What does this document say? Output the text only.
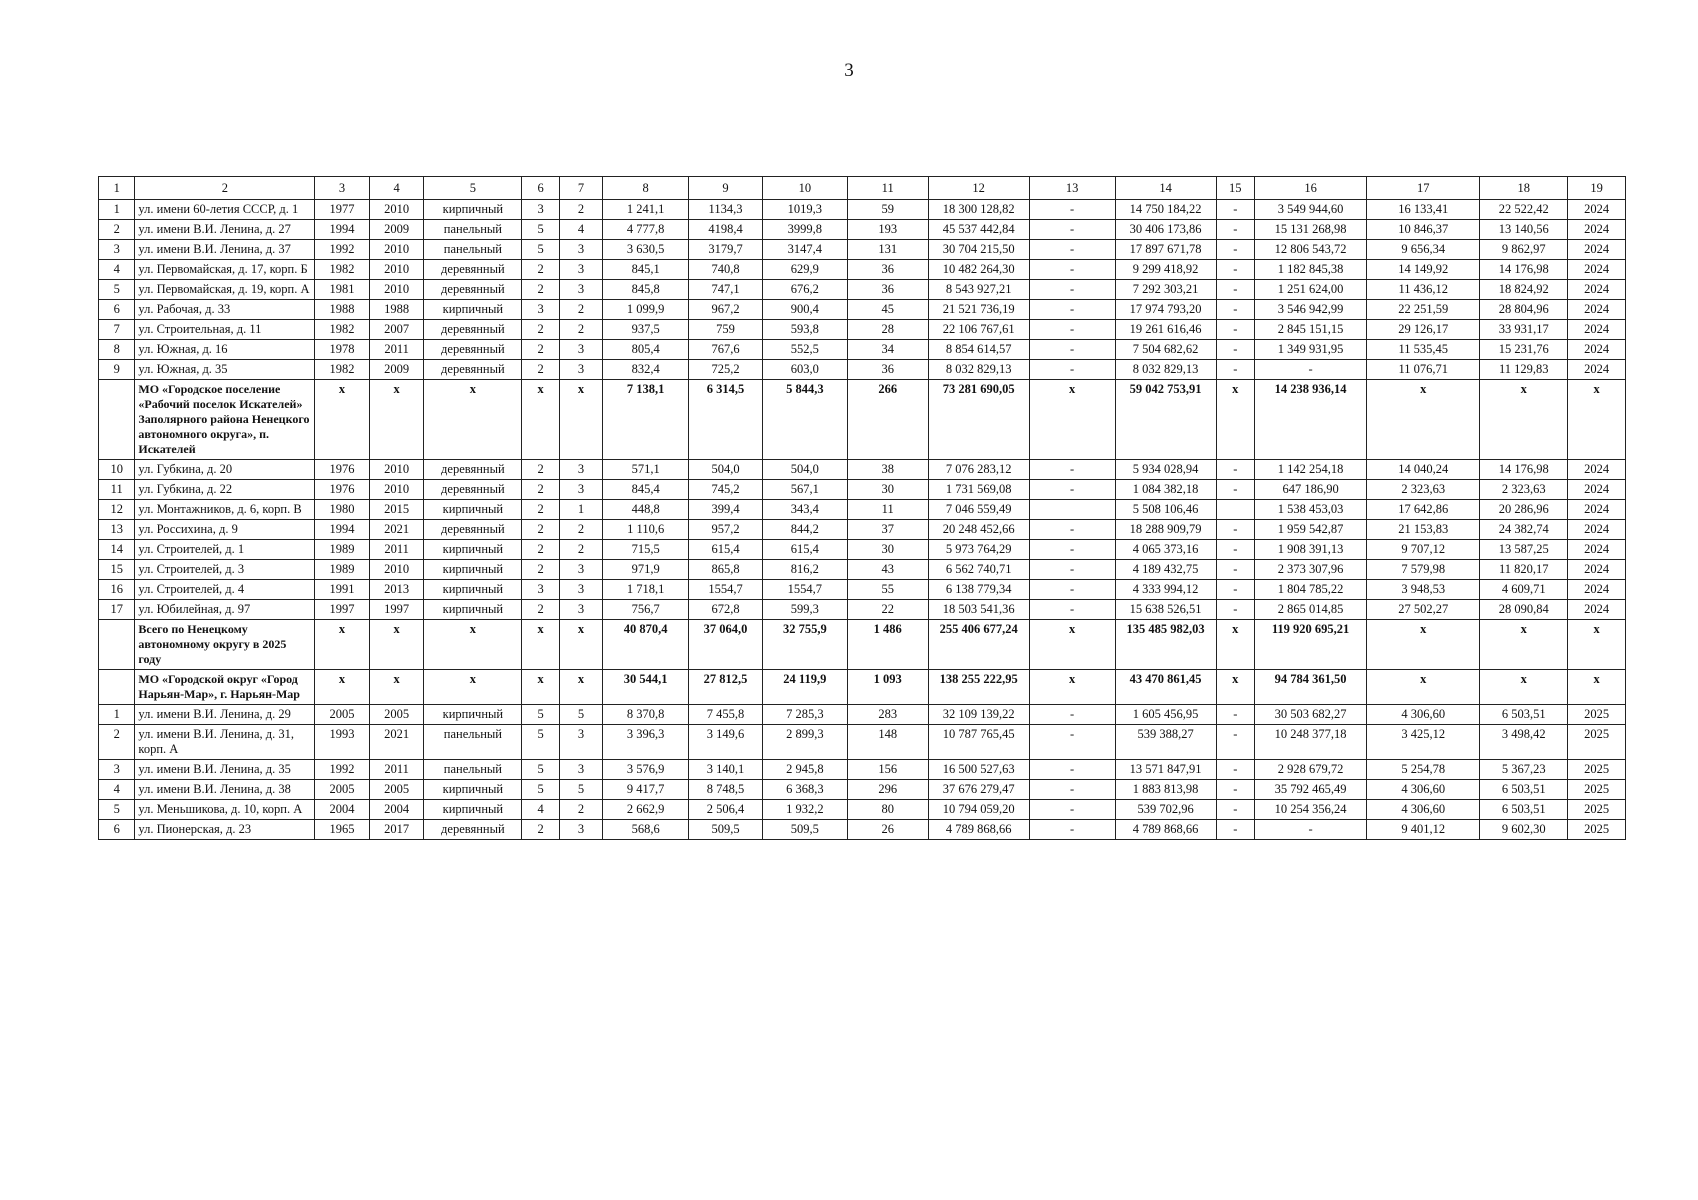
3
1	2	3	4	5	6	7	8	9	10	11	12	13	14	15	16	17	18	19
1	ул. имени 60-летия СССР, д. 1	1977	2010	кирпичный	3	2	1 241,1	1134,3	1019,3	59	18 300 128,82	-	14 750 184,22	-	3 549 944,60	16 133,41	22 522,42	2024
2	ул. имени В.И. Ленина, д. 27	1994	2009	панельный	5	4	4 777,8	4198,4	3999,8	193	45 537 442,84	-	30 406 173,86	-	15 131 268,98	10 846,37	13 140,56	2024
3	ул. имени В.И. Ленина, д. 37	1992	2010	панельный	5	3	3 630,5	3179,7	3147,4	131	30 704 215,50	-	17 897 671,78	-	12 806 543,72	9 656,34	9 862,97	2024
4	ул. Первомайская, д. 17, корп. Б	1982	2010	деревянный	2	3	845,1	740,8	629,9	36	10 482 264,30	-	9 299 418,92	-	1 182 845,38	14 149,92	14 176,98	2024
5	ул. Первомайская, д. 19, корп. А	1981	2010	деревянный	2	3	845,8	747,1	676,2	36	8 543 927,21	-	7 292 303,21	-	1 251 624,00	11 436,12	18 824,92	2024
6	ул. Рабочая, д. 33	1988	1988	кирпичный	3	2	1 099,9	967,2	900,4	45	21 521 736,19	-	17 974 793,20	-	3 546 942,99	22 251,59	28 804,96	2024
7	ул. Строительная, д. 11	1982	2007	деревянный	2	2	937,5	759	593,8	28	22 106 767,61	-	19 261 616,46	-	2 845 151,15	29 126,17	33 931,17	2024
8	ул. Южная, д. 16	1978	2011	деревянный	2	3	805,4	767,6	552,5	34	8 854 614,57	-	7 504 682,62	-	1 349 931,95	11 535,45	15 231,76	2024
9	ул. Южная, д. 35	1982	2009	деревянный	2	3	832,4	725,2	603,0	36	8 032 829,13	-	8 032 829,13	-	-	11 076,71	11 129,83	2024
	МО «Городское поселение «Рабочий поселок Искателей» Заполярного района Ненецкого автономного округа», п. Искателей	х	х	х	х	х	7 138,1	6 314,5	5 844,3	266	73 281 690,05	х	59 042 753,91	х	14 238 936,14	х	х	х
10	ул. Губкина, д. 20	1976	2010	деревянный	2	3	571,1	504,0	504,0	38	7 076 283,12	-	5 934 028,94	-	1 142 254,18	14 040,24	14 176,98	2024
11	ул. Губкина, д. 22	1976	2010	деревянный	2	3	845,4	745,2	567,1	30	1 731 569,08	-	1 084 382,18	-	647 186,90	2 323,63	2 323,63	2024
12	ул. Монтажников, д. 6, корп. В	1980	2015	кирпичный	2	1	448,8	399,4	343,4	11	7 046 559,49		5 508 106,46		1 538 453,03	17 642,86	20 286,96	2024
13	ул. Россихина, д. 9	1994	2021	деревянный	2	2	1 110,6	957,2	844,2	37	20 248 452,66	-	18 288 909,79	-	1 959 542,87	21 153,83	24 382,74	2024
14	ул. Строителей, д. 1	1989	2011	кирпичный	2	2	715,5	615,4	615,4	30	5 973 764,29	-	4 065 373,16	-	1 908 391,13	9 707,12	13 587,25	2024
15	ул. Строителей, д. 3	1989	2010	кирпичный	2	3	971,9	865,8	816,2	43	6 562 740,71	-	4 189 432,75	-	2 373 307,96	7 579,98	11 820,17	2024
16	ул. Строителей, д. 4	1991	2013	кирпичный	3	3	1 718,1	1554,7	1554,7	55	6 138 779,34	-	4 333 994,12	-	1 804 785,22	3 948,53	4 609,71	2024
17	ул. Юбилейная, д. 97	1997	1997	кирпичный	2	3	756,7	672,8	599,3	22	18 503 541,36	-	15 638 526,51	-	2 865 014,85	27 502,27	28 090,84	2024
	Всего по Ненецкому автономному округу в 2025 году	х	х	х	х	х	40 870,4	37 064,0	32 755,9	1 486	255 406 677,24	х	135 485 982,03	х	119 920 695,21	х	х	х
	МО «Городской округ «Город Нарьян-Мар», г. Нарьян-Мар	х	х	х	х	х	30 544,1	27 812,5	24 119,9	1 093	138 255 222,95	х	43 470 861,45	х	94 784 361,50	х	х	х
1	ул. имени В.И. Ленина, д. 29	2005	2005	кирпичный	5	5	8 370,8	7 455,8	7 285,3	283	32 109 139,22	-	1 605 456,95	-	30 503 682,27	4 306,60	6 503,51	2025
2	ул. имени В.И. Ленина, д. 31, корп. А	1993	2021	панельный	5	3	3 396,3	3 149,6	2 899,3	148	10 787 765,45	-	539 388,27	-	10 248 377,18	3 425,12	3 498,42	2025
3	ул. имени В.И. Ленина, д. 35	1992	2011	панельный	5	3	3 576,9	3 140,1	2 945,8	156	16 500 527,63	-	13 571 847,91	-	2 928 679,72	5 254,78	5 367,23	2025
4	ул. имени В.И. Ленина, д. 38	2005	2005	кирпичный	5	5	9 417,7	8 748,5	6 368,3	296	37 676 279,47	-	1 883 813,98	-	35 792 465,49	4 306,60	6 503,51	2025
5	ул. Меньшикова, д. 10, корп. А	2004	2004	кирпичный	4	2	2 662,9	2 506,4	1 932,2	80	10 794 059,20	-	539 702,96	-	10 254 356,24	4 306,60	6 503,51	2025
6	ул. Пионерская, д. 23	1965	2017	деревянный	2	3	568,6	509,5	509,5	26	4 789 868,66	-	4 789 868,66	-	-	9 401,12	9 602,30	2025
